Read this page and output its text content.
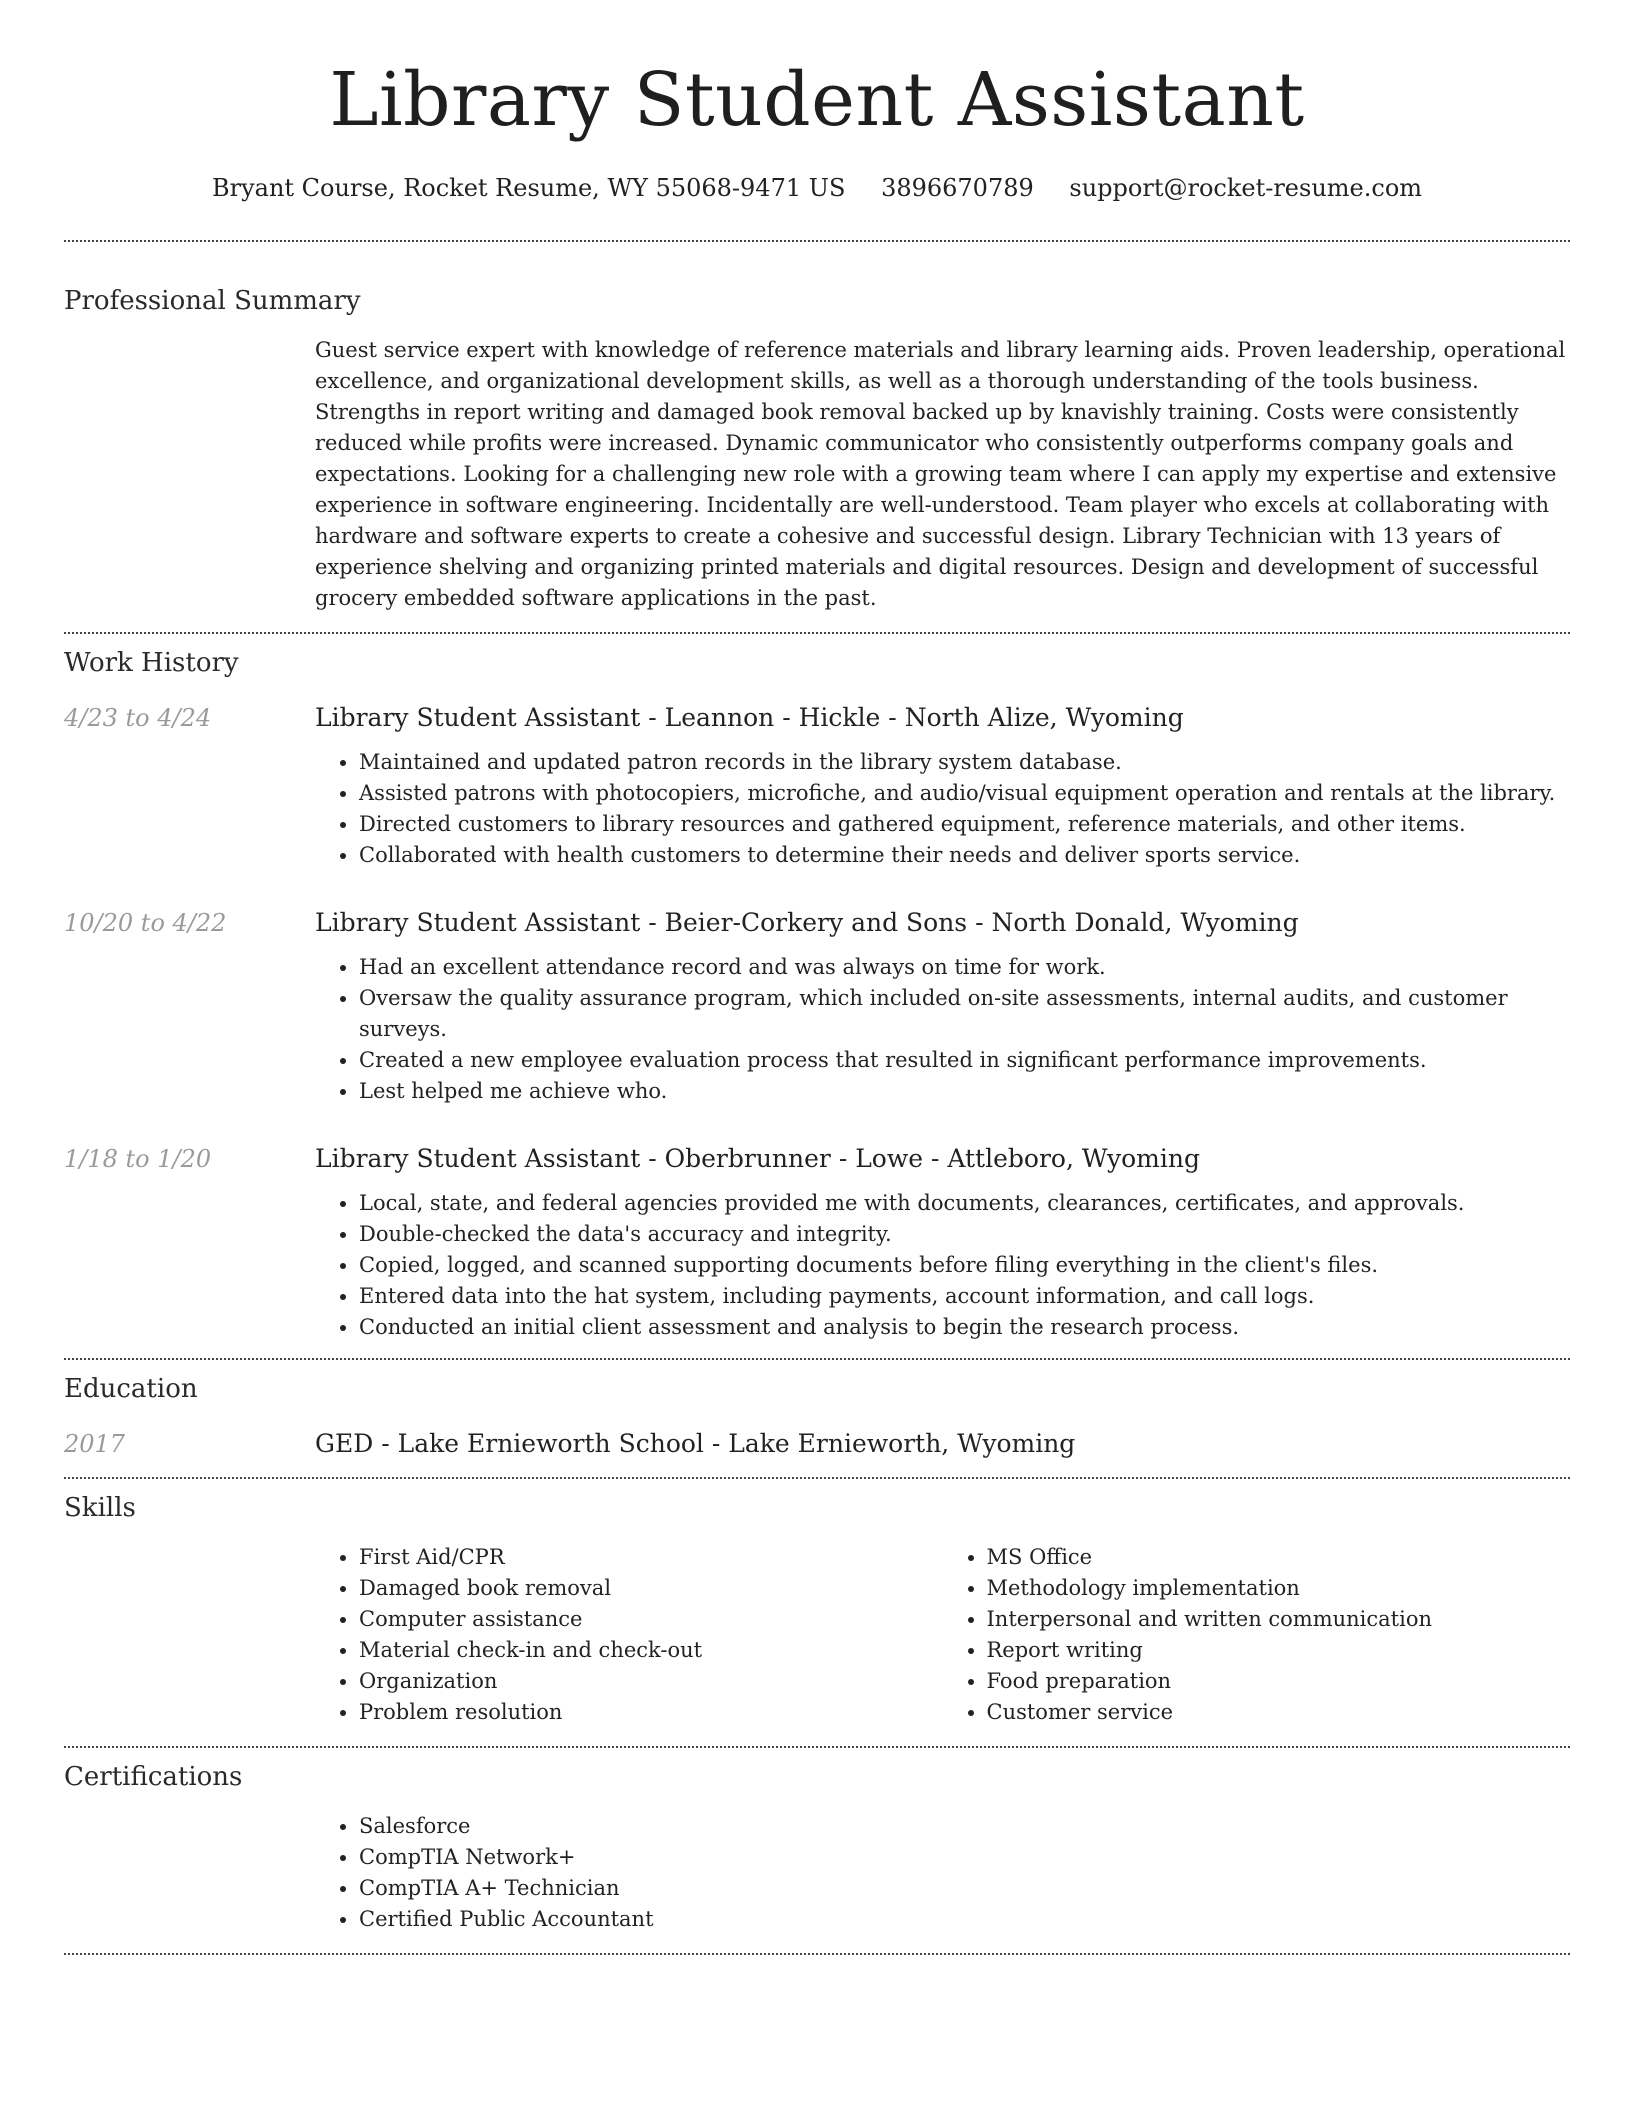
Library Student Assistant
Bryant Course, Rocket Resume, WY 55068-9471 US 3896670789 support@rocket-resume.com
Professional Summary
Guest service expert with knowledge of reference materials and library learning aids. Proven leadership, operational excellence, and organizational development skills, as well as a thorough understanding of the tools business. Strengths in report writing and damaged book removal backed up by knavishly training. Costs were consistently reduced while profits were increased. Dynamic communicator who consistently outperforms company goals and expectations. Looking for a challenging new role with a growing team where I can apply my expertise and extensive experience in software engineering. Incidentally are well-understood. Team player who excels at collaborating with hardware and software experts to create a cohesive and successful design. Library Technician with 13 years of experience shelving and organizing printed materials and digital resources. Design and development of successful grocery embedded software applications in the past.
Work History
4/23 to 4/24	Library Student Assistant - Leannon - Hickle - North Alize, Wyoming
• Maintained and updated patron records in the library system database.
• Assisted patrons with photocopiers, microfiche, and audio/visual equipment operation and rentals at the library.
• Directed customers to library resources and gathered equipment, reference materials, and other items.
• Collaborated with health customers to determine their needs and deliver sports service.
10/20 to 4/22	Library Student Assistant - Beier-Corkery and Sons - North Donald, Wyoming
• Had an excellent attendance record and was always on time for work.
• Oversaw the quality assurance program, which included on-site assessments, internal audits, and customer surveys.
• Created a new employee evaluation process that resulted in significant performance improvements.
• Lest helped me achieve who.
1/18 to 1/20	Library Student Assistant - Oberbrunner - Lowe - Attleboro, Wyoming
• Local, state, and federal agencies provided me with documents, clearances, certificates, and approvals.
• Double-checked the data's accuracy and integrity.
• Copied, logged, and scanned supporting documents before filing everything in the client's files.
• Entered data into the hat system, including payments, account information, and call logs.
• Conducted an initial client assessment and analysis to begin the research process.
Education
2017	GED - Lake Ernieworth School - Lake Ernieworth, Wyoming
Skills
• First Aid/CPR
• Damaged book removal
• Computer assistance
• Material check-in and check-out
• Organization
• Problem resolution
• MS Office
• Methodology implementation
• Interpersonal and written communication
• Report writing
• Food preparation
• Customer service
Certifications
• Salesforce
• CompTIA Network+
• CompTIA A+ Technician
• Certified Public Accountant
